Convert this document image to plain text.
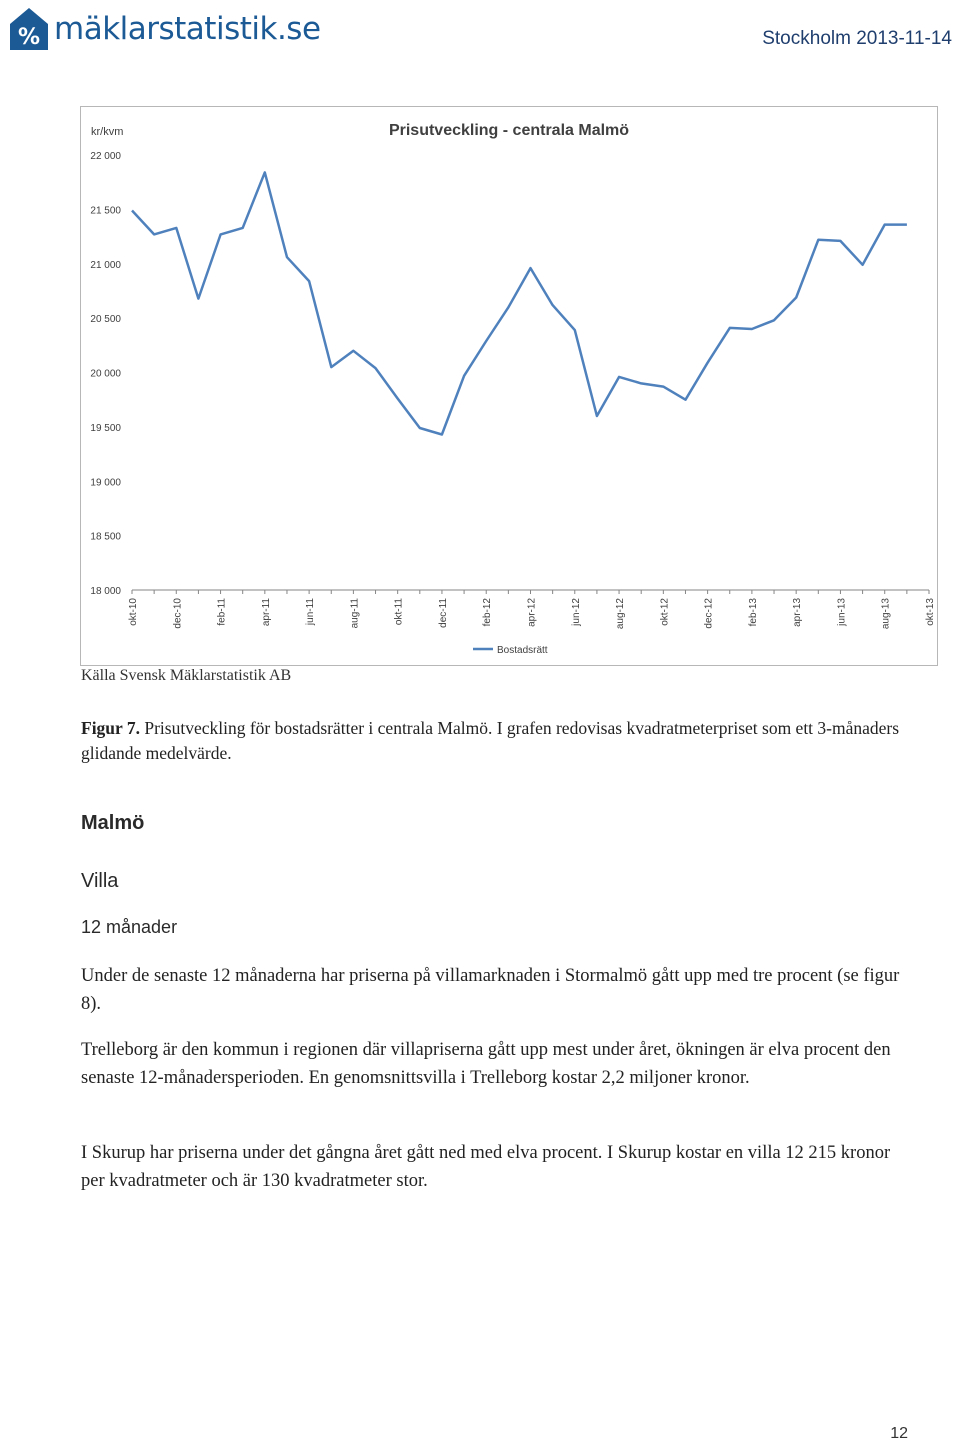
% mäklarstatistik.se	Stockholm 2013-11-14
Prisutveckling - centrala Malmö
kr/kvm
18 000
18 500
19 000
19 500
20 000
20 500
21 000
21 500
22 000
okt-10	dec-10	feb-11	apr-11	jun-11	aug-11	okt-11	dec-11	feb-12	apr-12	jun-12	aug-12	okt-12	dec-12	feb-13	apr-13	jun-13	aug-13	okt-13
Bostadsrätt
Källa Svensk Mäklarstatistik AB
Figur 7. Prisutveckling för bostadsrätter i centrala Malmö. I grafen redovisas kvadratmeterpriset som ett 3-månaders glidande medelvärde.
Malmö
Villa
12 månader

Under de senaste 12 månaderna har priserna på villamarknaden i Stormalmö gått upp med tre procent (se figur 8).

Trelleborg är den kommun i regionen där villapriserna gått upp mest under året, ökningen är elva procent den senaste 12-månadersperioden. En genomsnittsvilla i Trelleborg kostar 2,2 miljoner kronor.

I Skurup har priserna under det gångna året gått ned med elva procent. I Skurup kostar en villa 12 215 kronor per kvadratmeter och är 130 kvadratmeter stor.

12
